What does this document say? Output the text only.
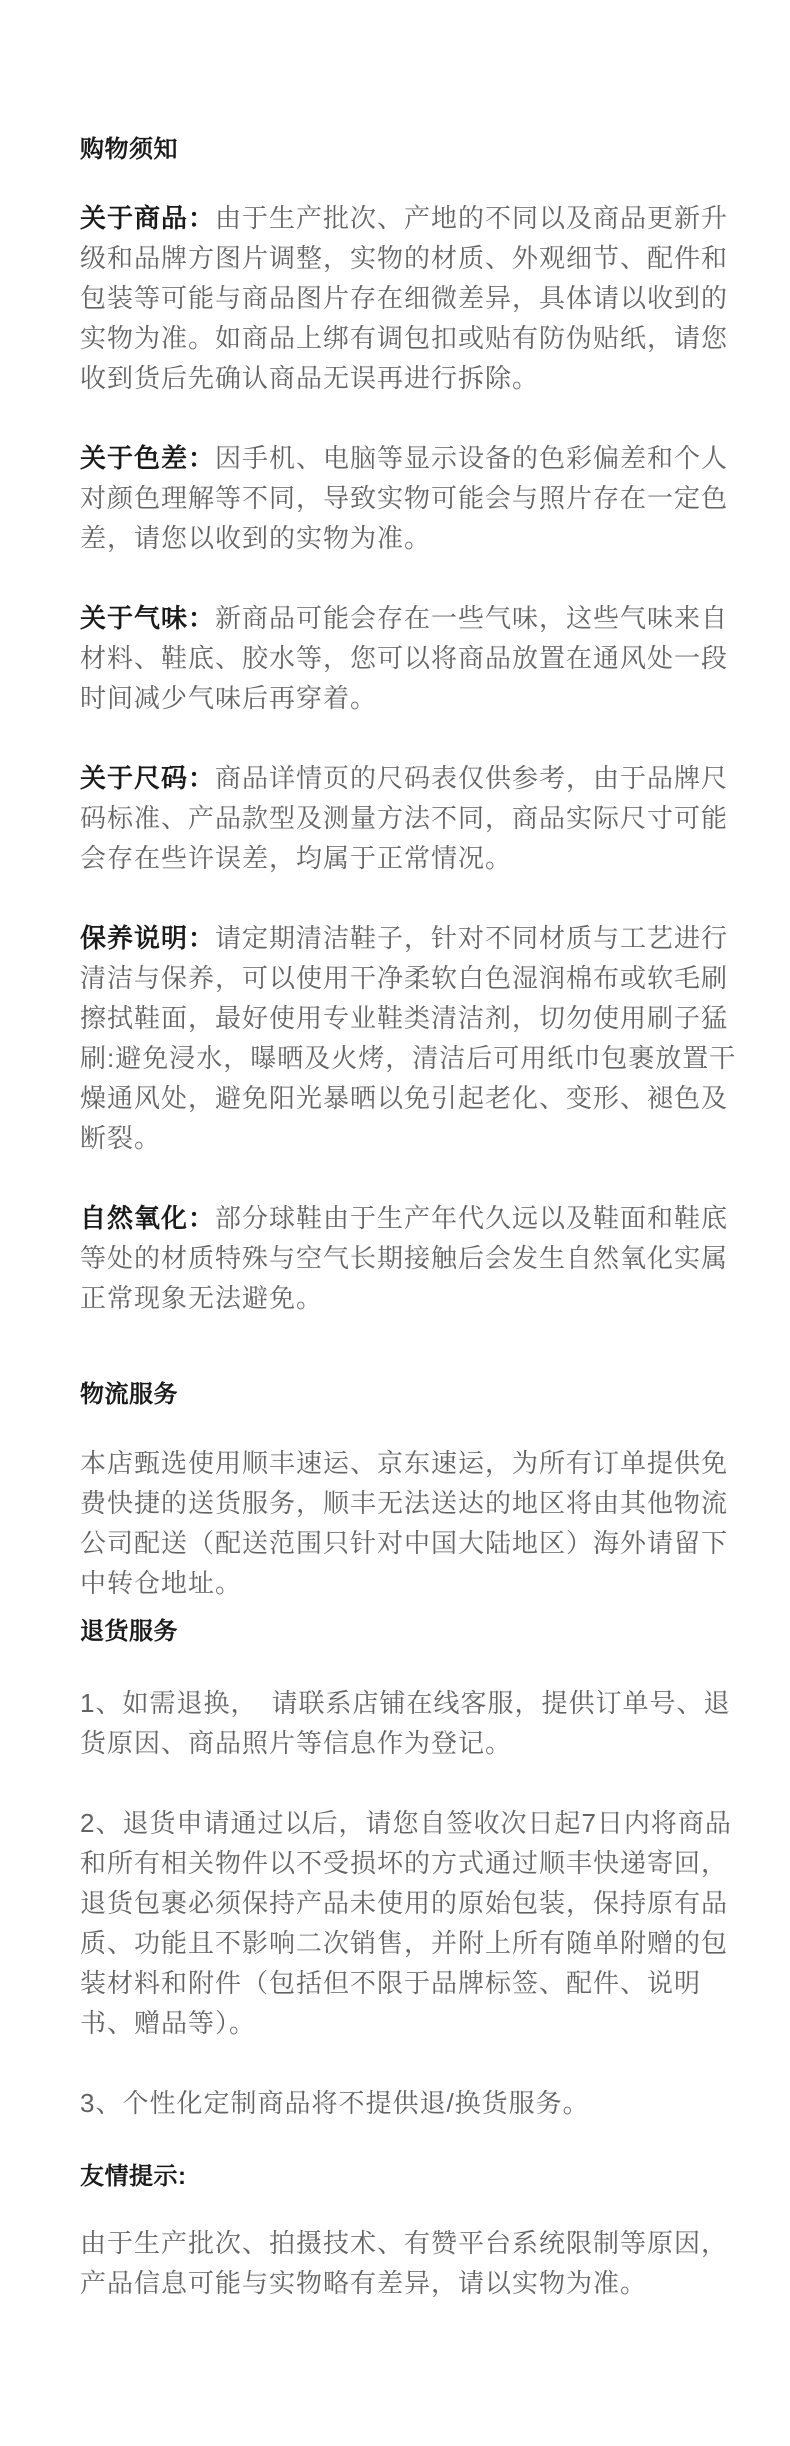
购物须知

关于商品：由于生产批次、产地的不同以及商品更新升级和品牌方图片调整，实物的材质、外观细节、配件和包装等可能与商品图片存在细微差异，具体请以收到的实物为准。如商品上绑有调包扣或贴有防伪贴纸，请您收到货后先确认商品无误再进行拆除。

关于色差：因手机、电脑等显示设备的色彩偏差和个人对颜色理解等不同，导致实物可能会与照片存在一定色差，请您以收到的实物为准。

关于气味：新商品可能会存在一些气味，这些气味来自材料、鞋底、胶水等，您可以将商品放置在通风处一段时间减少气味后再穿着。

关于尺码：商品详情页的尺码表仅供参考，由于品牌尺码标准、产品款型及测量方法不同，商品实际尺寸可能会存在些许误差，均属于正常情况。

保养说明：请定期清洁鞋子，针对不同材质与工艺进行清洁与保养，可以使用干净柔软白色湿润棉布或软毛刷擦拭鞋面，最好使用专业鞋类清洁剂，切勿使用刷子猛刷:避免浸水，曝晒及火烤，清洁后可用纸巾包裹放置干燥通风处，避免阳光暴晒以免引起老化、变形、褪色及断裂。

自然氧化：部分球鞋由于生产年代久远以及鞋面和鞋底等处的材质特殊与空气长期接触后会发生自然氧化实属正常现象无法避免。

物流服务

本店甄选使用顺丰速运、京东速运，为所有订单提供免费快捷的送货服务，顺丰无法送达的地区将由其他物流公司配送（配送范围只针对中国大陆地区）海外请留下中转仓地址。

退货服务

1、如需退换，　请联系店铺在线客服，提供订单号、退货原因、商品照片等信息作为登记。

2、退货申请通过以后，请您自签收次日起7日内将商品和所有相关物件以不受损坏的方式通过顺丰快递寄回，退货包裹必须保持产品未使用的原始包装，保持原有品质、功能且不影响二次销售，并附上所有随单附赠的包装材料和附件（包括但不限于品牌标签、配件、说明书、赠品等）。

3、个性化定制商品将不提供退/换货服务。

友情提示:

由于生产批次、拍摄技术、有赞平台系统限制等原因，产品信息可能与实物略有差异，请以实物为准。
